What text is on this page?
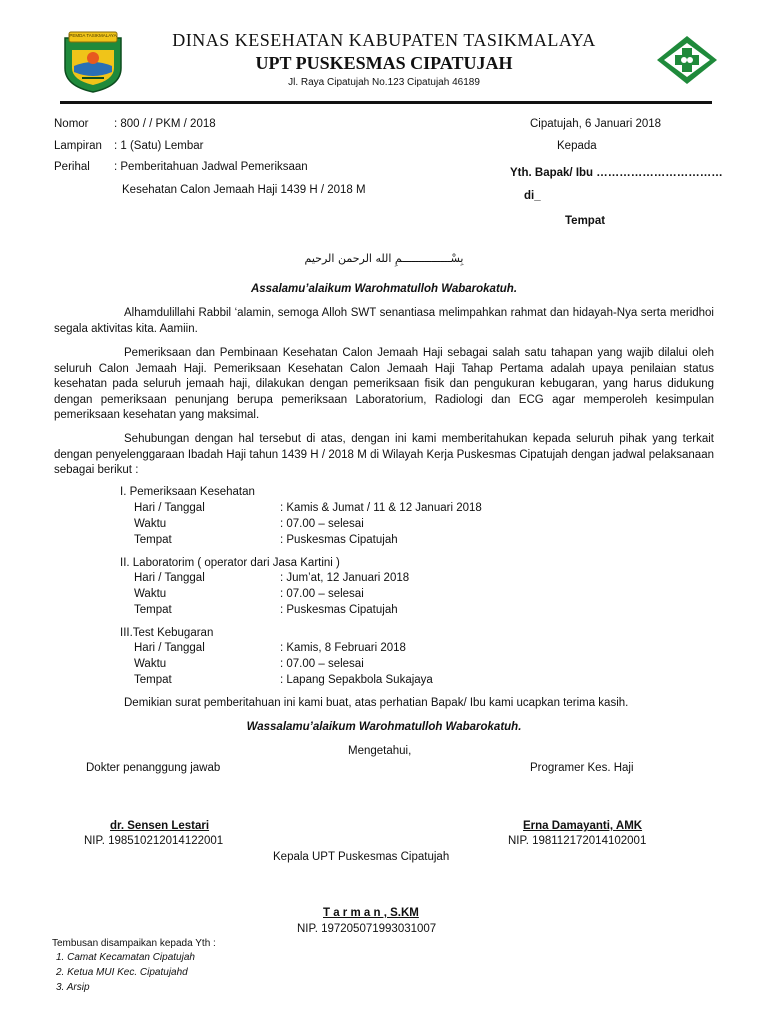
PEMDA TASIKMALAYA	DINAS KESEHATAN KABUPATEN TASIKMALAYA
UPT PUSKESMAS CIPATUJAH
Jl. Raya Cipatujah No.123 Cipatujah 46189
Nomor : 800 / / PKM / 2018
Lampiran : 1 (Satu) Lembar
Perihal : Pemberitahuan Jadwal Pemeriksaan
Kesehatan Calon Jemaah Haji 1439 H / 2018 M
Cipatujah, 6 Januari 2018
Kepada
Yth. Bapak/ Ibu ……………………………
di_
Tempat
بِسْـــــــــــــــمِ الله الرحمن الرحيم
Assalamu’alaikum Warohmatulloh Wabarokatuh.
Alhamdulillahi Rabbil ‘alamin, semoga Alloh SWT senantiasa melimpahkan rahmat dan hidayah-Nya serta meridhoi segala aktivitas kita. Aamiin.
Pemeriksaan dan Pembinaan Kesehatan Calon Jemaah Haji sebagai salah satu tahapan yang wajib dilalui oleh seluruh Calon Jemaah Haji. Pemeriksaan Kesehatan Calon Jemaah Haji Tahap Pertama adalah upaya penilaian status kesehatan pada seluruh jemaah haji, dilakukan dengan pemeriksaan fisik dan pengukuran kebugaran, yang harus didukung dengan pemeriksaan penunjang berupa pemeriksaan Laboratorium, Radiologi dan ECG agar memperoleh kesimpulan pemeriksaan kesehatan yang maksimal.
Sehubungan dengan hal tersebut di atas, dengan ini kami memberitahukan kepada seluruh pihak yang terkait dengan penyelenggaraan Ibadah Haji tahun 1439 H / 2018 M di Wilayah Kerja Puskesmas Cipatujah dengan jadwal pelaksanaan sebagai berikut :
I. Pemeriksaan Kesehatan
Hari / Tanggal	: Kamis & Jumat / 11 & 12 Januari 2018
Waktu	: 07.00 – selesai
Tempat	: Puskesmas Cipatujah
II. Laboratorim ( operator dari Jasa Kartini )
Hari / Tanggal	: Jum’at, 12 Januari 2018
Waktu	: 07.00 – selesai
Tempat	: Puskesmas Cipatujah
III.Test Kebugaran
Hari / Tanggal	: Kamis, 8 Februari 2018
Waktu	: 07.00 – selesai
Tempat	: Lapang Sepakbola Sukajaya
Demikian surat pemberitahuan ini kami buat, atas perhatian Bapak/ Ibu kami ucapkan terima kasih.
Wassalamu’alaikum Warohmatulloh Wabarokatuh.
Mengetahui,
Dokter penanggung jawab	Programer Kes. Haji
dr. Sensen Lestari
NIP. 198510212014122001
Erna Damayanti, AMK
NIP. 198112172014102001
Kepala UPT Puskesmas Cipatujah
T a r m a n , S.KM
NIP. 197205071993031007
Tembusan disampaikan kepada Yth :
1. Camat Kecamatan Cipatujah
2. Ketua MUI Kec. Cipatujahd
3. Arsip
